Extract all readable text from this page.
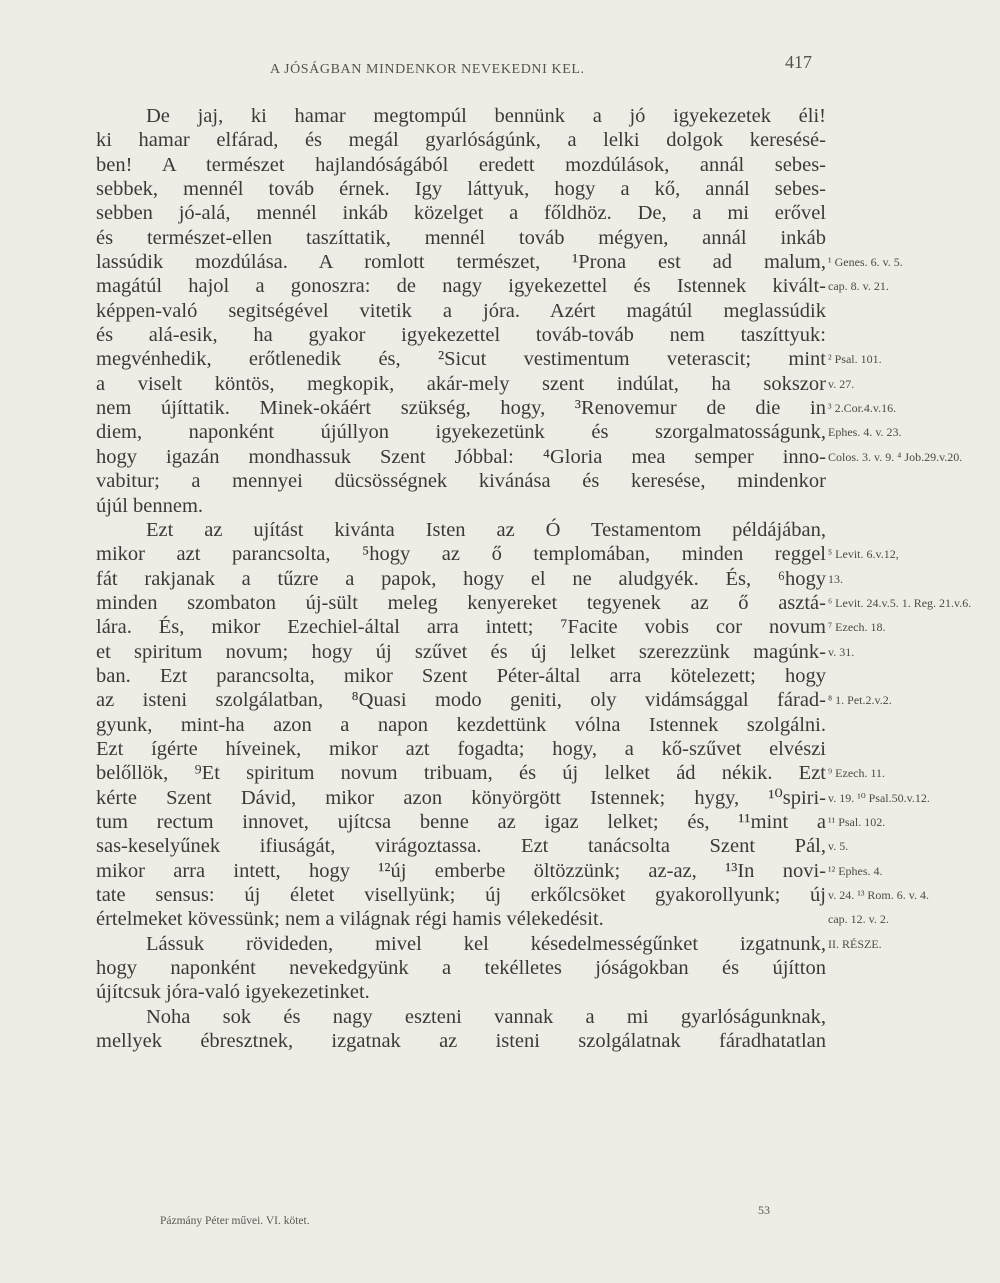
A JÓSÁGBAN MINDENKOR NEVEKEDNI KEL.	417
De jaj, ki hamar megtompúl bennünk a jó igyekezetek éli!
ki hamar elfárad, és megál gyarlóságúnk, a lelki dolgok keresésé-
ben! A természet hajlandóságából eredett mozdúlások, annál sebes-
sebbek, mennél továb érnek. Igy láttyuk, hogy a kő, annál sebes-
sebben jó-alá, mennél inkáb közelget a főldhöz. De, a mi erővel
és természet-ellen taszíttatik, mennél továb mégyen, annál inkáb
lassúdik mozdúlása. A romlott természet, ¹Prona est ad malum,
magátúl hajol a gonoszra: de nagy igyekezettel és Istennek kivált-
képpen-való segitségével vitetik a jóra. Azért magátúl meglassúdik
és alá-esik, ha gyakor igyekezettel továb-továb nem taszíttyuk:
megvénhedik, erőtlenedik és, ²Sicut vestimentum veterascit; mint
a viselt köntös, megkopik, akár-mely szent indúlat, ha sokszor
nem újíttatik. Minek-okáért szükség, hogy, ³Renovemur de die in
diem, naponként újúllyon igyekezetünk és szorgalmatosságunk,
hogy igazán mondhassuk Szent Jóbbal: ⁴Gloria mea semper inno-
vabitur; a mennyei dücsösségnek kivánása és keresése, mindenkor
újúl bennem.
Ezt az ujítást kivánta Isten az Ó Testamentom példájában,
mikor azt parancsolta, ⁵hogy az ő templomában, minden reggel
fát rakjanak a tűzre a papok, hogy el ne aludgyék. És, ⁶hogy
minden szombaton új-sült meleg kenyereket tegyenek az ő asztá-
lára. És, mikor Ezechiel-által arra intett; ⁷Facite vobis cor novum
et spiritum novum; hogy új szűvet és új lelket szerezzünk magúnk-
ban. Ezt parancsolta, mikor Szent Péter-által arra kötelezett; hogy
az isteni szolgálatban, ⁸Quasi modo geniti, oly vidámsággal fárad-
gyunk, mint-ha azon a napon kezdettünk vólna Istennek szolgálni.
Ezt ígérte híveinek, mikor azt fogadta; hogy, a kő-szűvet elvészi
belőllök, ⁹Et spiritum novum tribuam, és új lelket ád nékik. Ezt
kérte Szent Dávid, mikor azon könyörgött Istennek; hygy, ¹⁰spiri-
tum rectum innovet, ujítcsa benne az igaz lelket; és, ¹¹mint a
sas-keselyűnek ifiuságát, virágoztassa. Ezt tanácsolta Szent Pál,
mikor arra intett, hogy ¹²új emberbe öltözzünk; az-az, ¹³In novi-
tate sensus: új életet visellyünk; új erkőlcsöket gyakorollyunk; új
értelmeket kövessünk; nem a világnak régi hamis vélekedésit.
Lássuk rövideden, mivel kel késedelmességűnket izgatnunk,
hogy naponként nevekedgyünk a tekélletes jóságokban és újítton
újítcsuk jóra-való igyekezetinket.
Noha sok és nagy eszteni vannak a mi gyarlóságunknak,
mellyek ébresztnek, izgatnak az isteni szolgálatnak fáradhatatlan
¹ Genes. 6. v. 5.
cap. 8. v. 21.
² Psal. 101.
v. 27.
³ 2.Cor.4.v.16.
Ephes. 4. v. 23.
Colos. 3. v. 9. ⁴ Job.29.v.20.
⁵ Levit. 6.v.12,
13.
⁶ Levit. 24.v.5. 1. Reg. 21.v.6.
⁷ Ezech. 18.
v. 31.
⁸ 1. Pet.2.v.2.
⁹ Ezech. 11.
v. 19. ¹⁰ Psal.50.v.12.
¹¹ Psal. 102.
v. 5.
¹² Ephes. 4.
v. 24. ¹³ Rom. 6. v. 4.
cap. 12. v. 2.
II. RÉSZE.
Pázmány Péter művei. VI. kötet.
53
